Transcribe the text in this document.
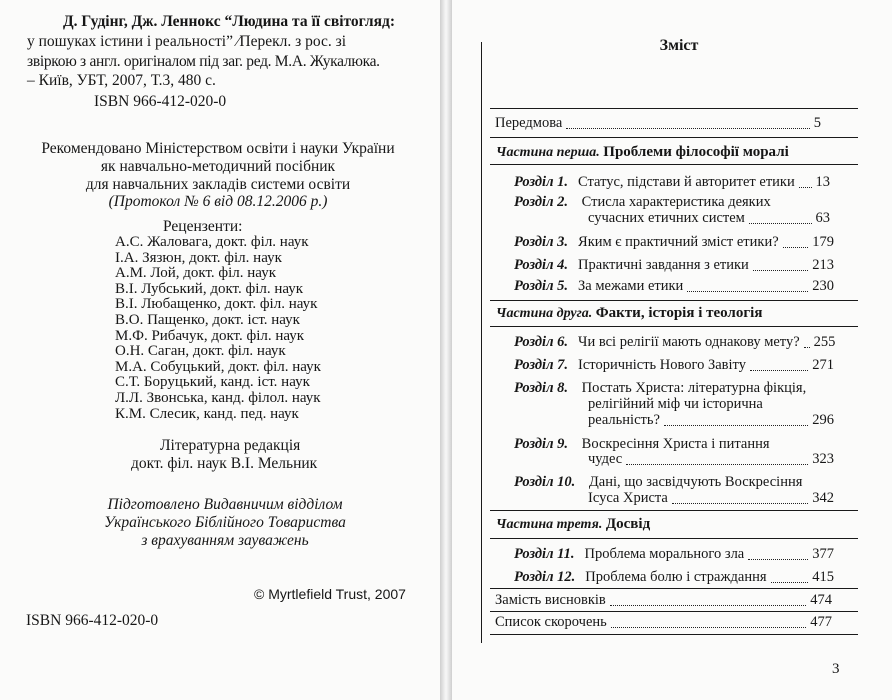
Д. Гудінг, Дж. Леннокс “Людина та її світогляд:
у пошуках істини і реальності” ⁄Перекл. з рос. зі
звіркою з англ. оригіналом під заг. ред. М.А. Жукалюка.
– Київ, УБТ, 2007, Т.3, 480 с.
ISBN 966-412-020-0
Рекомендовано Міністерством освіти і науки України
як навчально-методичний посібник
для навчальних закладів системи освіти
(Протокол № 6 від 08.12.2006 р.)
Рецензенти:
А.С. Жаловага, докт. філ. наук
І.А. Зязюн, докт. філ. наук
А.М. Лой, докт. філ. наук
В.І. Лубський, докт. філ. наук
В.І. Любащенко, докт. філ. наук
В.О. Пащенко, докт. іст. наук
М.Ф. Рибачук, докт. філ. наук
О.Н. Саган, докт. філ. наук
М.А. Собуцький, докт. філ. наук
С.Т. Боруцький, канд. іст. наук
Л.Л. Звонська, канд. філол. наук
К.М. Слесик, канд. пед. наук
Літературна редакція
докт. філ. наук В.І. Мельник
Підготовлено Видавничим відділом
Українського Біблійного Товариства
з врахуванням зауважень
© Myrtlefield Trust, 2007
ISBN 966-412-020-0
Зміст
Передмова	5
Частина перша. Проблеми філософії моралі
Розділ 1. Статус, підстави й авторитет етики 13
Розділ 2. Стисла характеристика деяких
сучасних етичних систем	63
Розділ 3. Яким є практичний зміст етики? 179
Розділ 4. Практичні завдання з етики	213
Розділ 5. За межами етики	230
Частина друга. Факти, історія і теологія
Розділ 6. Чи всі релігії мають однакову мету? 255
Розділ 7. Історичність Нового Завіту	271
Розділ 8. Постать Христа: літературна фікція,
релігійний міф чи історична
реальність?	296
Розділ 9. Воскресіння Христа і питання
чудес	323
Розділ 10. Дані, що засвідчують Воскресіння
Ісуса Христа	342
Частина третя. Досвід
Розділ 11. Проблема морального зла	377
Розділ 12. Проблема болю і страждання	415
Замість висновків	474
Список скорочень	477
3
